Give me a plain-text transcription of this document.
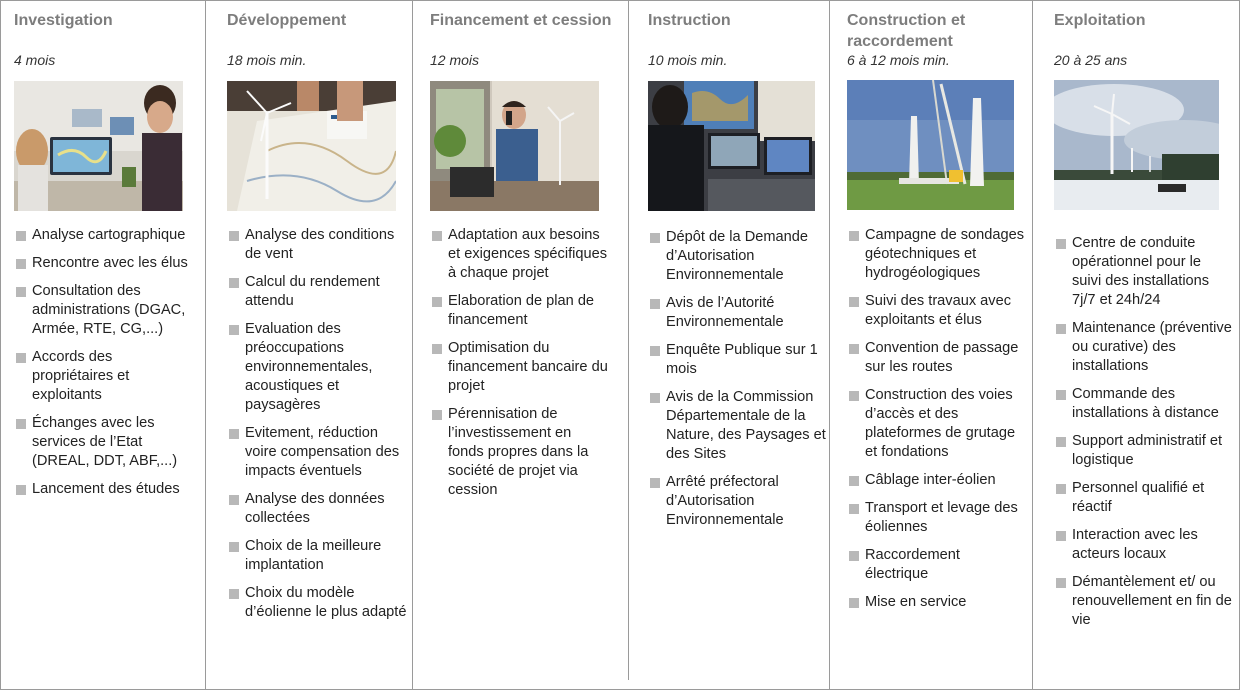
Investigation
4 mois
Analyse cartographique
Rencontre avec les élus
Consultation des administrations (DGAC, Armée, RTE, CG,...)
Accords des propriétaires et exploitants
Échanges avec les services de l’Etat (DREAL, DDT, ABF,...)
Lancement des études
Développement
18 mois min.
Analyse des conditions de vent
Calcul du rendement attendu
Evaluation des préoccupations environnementales, acoustiques et paysagères
Evitement, réduction voire compensation des impacts éventuels
Analyse des données collectées
Choix de la meilleure implantation
Choix du modèle d’éolienne le plus adapté
Financement et cession
12 mois
Adaptation aux besoins et exigences spécifiques à chaque projet
Elaboration de plan de financement
Optimisation du financement bancaire du projet
Pérennisation de l’investissement en fonds propres dans la société de projet via cession
Instruction
10 mois min.
Dépôt de la Demande d’Autorisation Environnementale
Avis de l’Autorité Environnementale
Enquête Publique sur 1 mois
Avis de la Commission Départementale de la Nature, des Paysages et des Sites
Arrêté préfectoral d’Autorisation Environnementale
Construction et raccordement
6 à 12 mois min.
Campagne de sondages géotechniques et hydrogéologiques
Suivi des travaux avec exploitants et élus
Convention de passage sur les routes
Construction des voies d’accès et des plateformes de grutage et fondations
Câblage inter-éolien
Transport et levage des éoliennes
Raccordement électrique
Mise en service
Exploitation
20 à 25 ans
Centre de conduite opérationnel pour le suivi des installations 7j/7 et 24h/24
Maintenance (préventive ou curative) des installations
Commande des installations à distance
Support administratif et logistique
Personnel qualifié et réactif
Interaction avec les acteurs locaux
Démantèlement et/ ou renouvellement en fin de vie
